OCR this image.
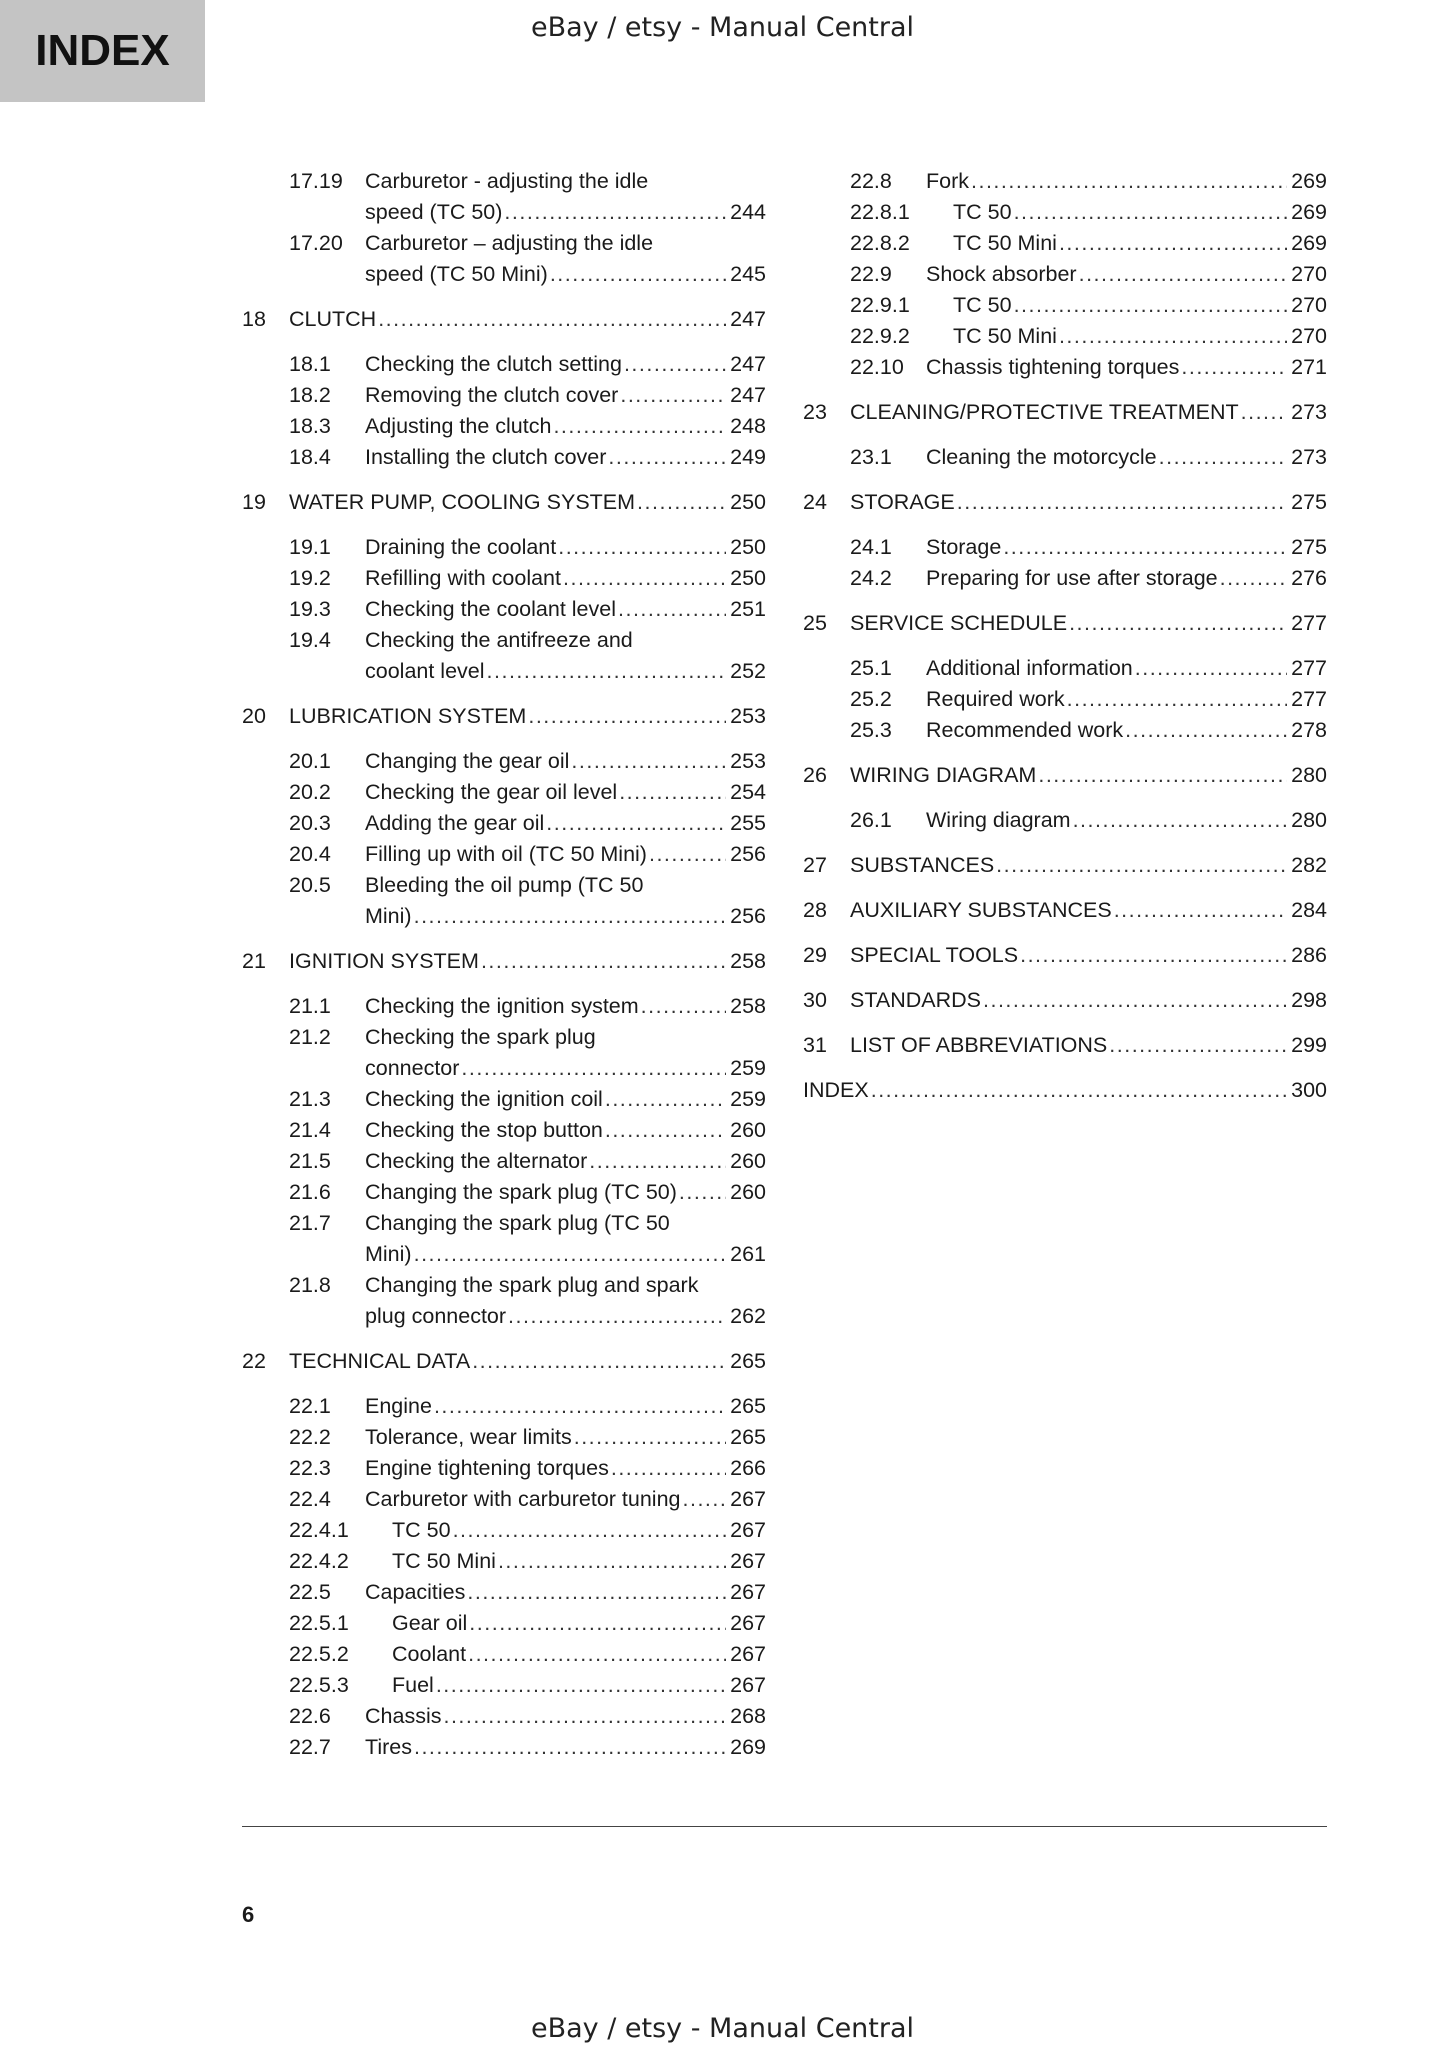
INDEX	eBay / etsy - Manual Central
17.19 Carburetor - adjusting the idle
speed (TC 50) .....	244
17.20 Carburetor – adjusting the idle
speed (TC 50 Mini) .....	245
18 CLUTCH .....	247
18.1 Checking the clutch setting .....	247
18.2 Removing the clutch cover .....	247
18.3 Adjusting the clutch .....	248
18.4 Installing the clutch cover .....	249
19 WATER PUMP, COOLING SYSTEM .....	250
19.1 Draining the coolant .....	250
19.2 Refilling with coolant .....	250
19.3 Checking the coolant level .....	251
19.4 Checking the antifreeze and
coolant level .....	252
20 LUBRICATION SYSTEM .....	253
20.1 Changing the gear oil .....	253
20.2 Checking the gear oil level .....	254
20.3 Adding the gear oil .....	255
20.4 Filling up with oil (TC 50 Mini) .....	256
20.5 Bleeding the oil pump (TC 50
Mini) .....	256
21 IGNITION SYSTEM .....	258
21.1 Checking the ignition system .....	258
21.2 Checking the spark plug
connector .....	259
21.3 Checking the ignition coil .....	259
21.4 Checking the stop button .....	260
21.5 Checking the alternator .....	260
21.6 Changing the spark plug (TC 50) ..... 260
21.7 Changing the spark plug (TC 50
Mini) .....	261
21.8 Changing the spark plug and spark
plug connector .....	262
22 TECHNICAL DATA .....	265
22.1 Engine .....	265
22.2 Tolerance, wear limits .....	265
22.3 Engine tightening torques .....	266
22.4 Carburetor with carburetor tuning ..... 267
22.4.1 TC 50 .....	267
22.4.2 TC 50 Mini .....	267
22.5 Capacities .....	267
22.5.1 Gear oil .....	267
22.5.2 Coolant .....	267
22.5.3 Fuel .....	267
22.6 Chassis .....	268
22.7 Tires .....	269
22.8 Fork .....	269
22.8.1 TC 50 .....	269
22.8.2 TC 50 Mini .....	269
22.9 Shock absorber .....	270
22.9.1 TC 50 .....	270
22.9.2 TC 50 Mini .....	270
22.10 Chassis tightening torques .....	271
23 CLEANING/PROTECTIVE TREATMENT ..... 273
23.1 Cleaning the motorcycle .....	273
24 STORAGE .....	275
24.1 Storage .....	275
24.2 Preparing for use after storage .....	276
25 SERVICE SCHEDULE .....	277
25.1 Additional information .....	277
25.2 Required work .....	277
25.3 Recommended work .....	278
26 WIRING DIAGRAM .....	280
26.1 Wiring diagram .....	280
27 SUBSTANCES .....	282
28 AUXILIARY SUBSTANCES .....	284
29 SPECIAL TOOLS .....	286
30 STANDARDS .....	298
31 LIST OF ABBREVIATIONS .....	299
INDEX .....	300
6
eBay / etsy - Manual Central
